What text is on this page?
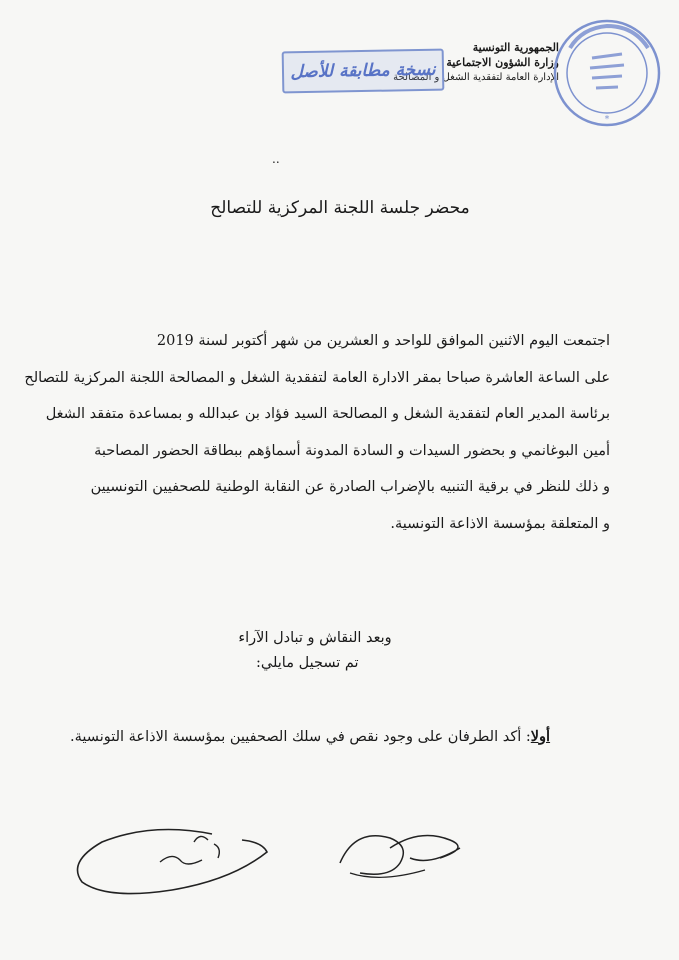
الجمهورية التونسية
وزارة الشؤون الاجتماعية
الإدارة العامة لتفقدية الشغل و المصالحة
نسخة مطابقة للأصل
*
..
محضر جلسة اللجنة المركزية للتصالح
اجتمعت اليوم الاثنين الموافق للواحد و العشرين من شهر أكتوبر لسنة 2019
على الساعة العاشرة صباحا بمقر الادارة العامة لتفقدية الشغل و المصالحة اللجنة المركزية للتصالح
برئاسة المدير العام لتفقدية الشغل و المصالحة السيد فؤاد بن عبدالله و بمساعدة متفقد الشغل
أمين البوغانمي و بحضور السيدات و السادة المدونة أسماؤهم ببطاقة الحضور المصاحبة
و ذلك للنظر في برقية التنبيه بالإضراب الصادرة عن النقابة الوطنية للصحفيين التونسيين
و المتعلقة بمؤسسة الاذاعة التونسية.
وبعد النقاش و تبادل الآراء
تم تسجيل مايلي:
أولا: أكد الطرفان على وجود نقص في سلك الصحفيين بمؤسسة الاذاعة التونسية.
